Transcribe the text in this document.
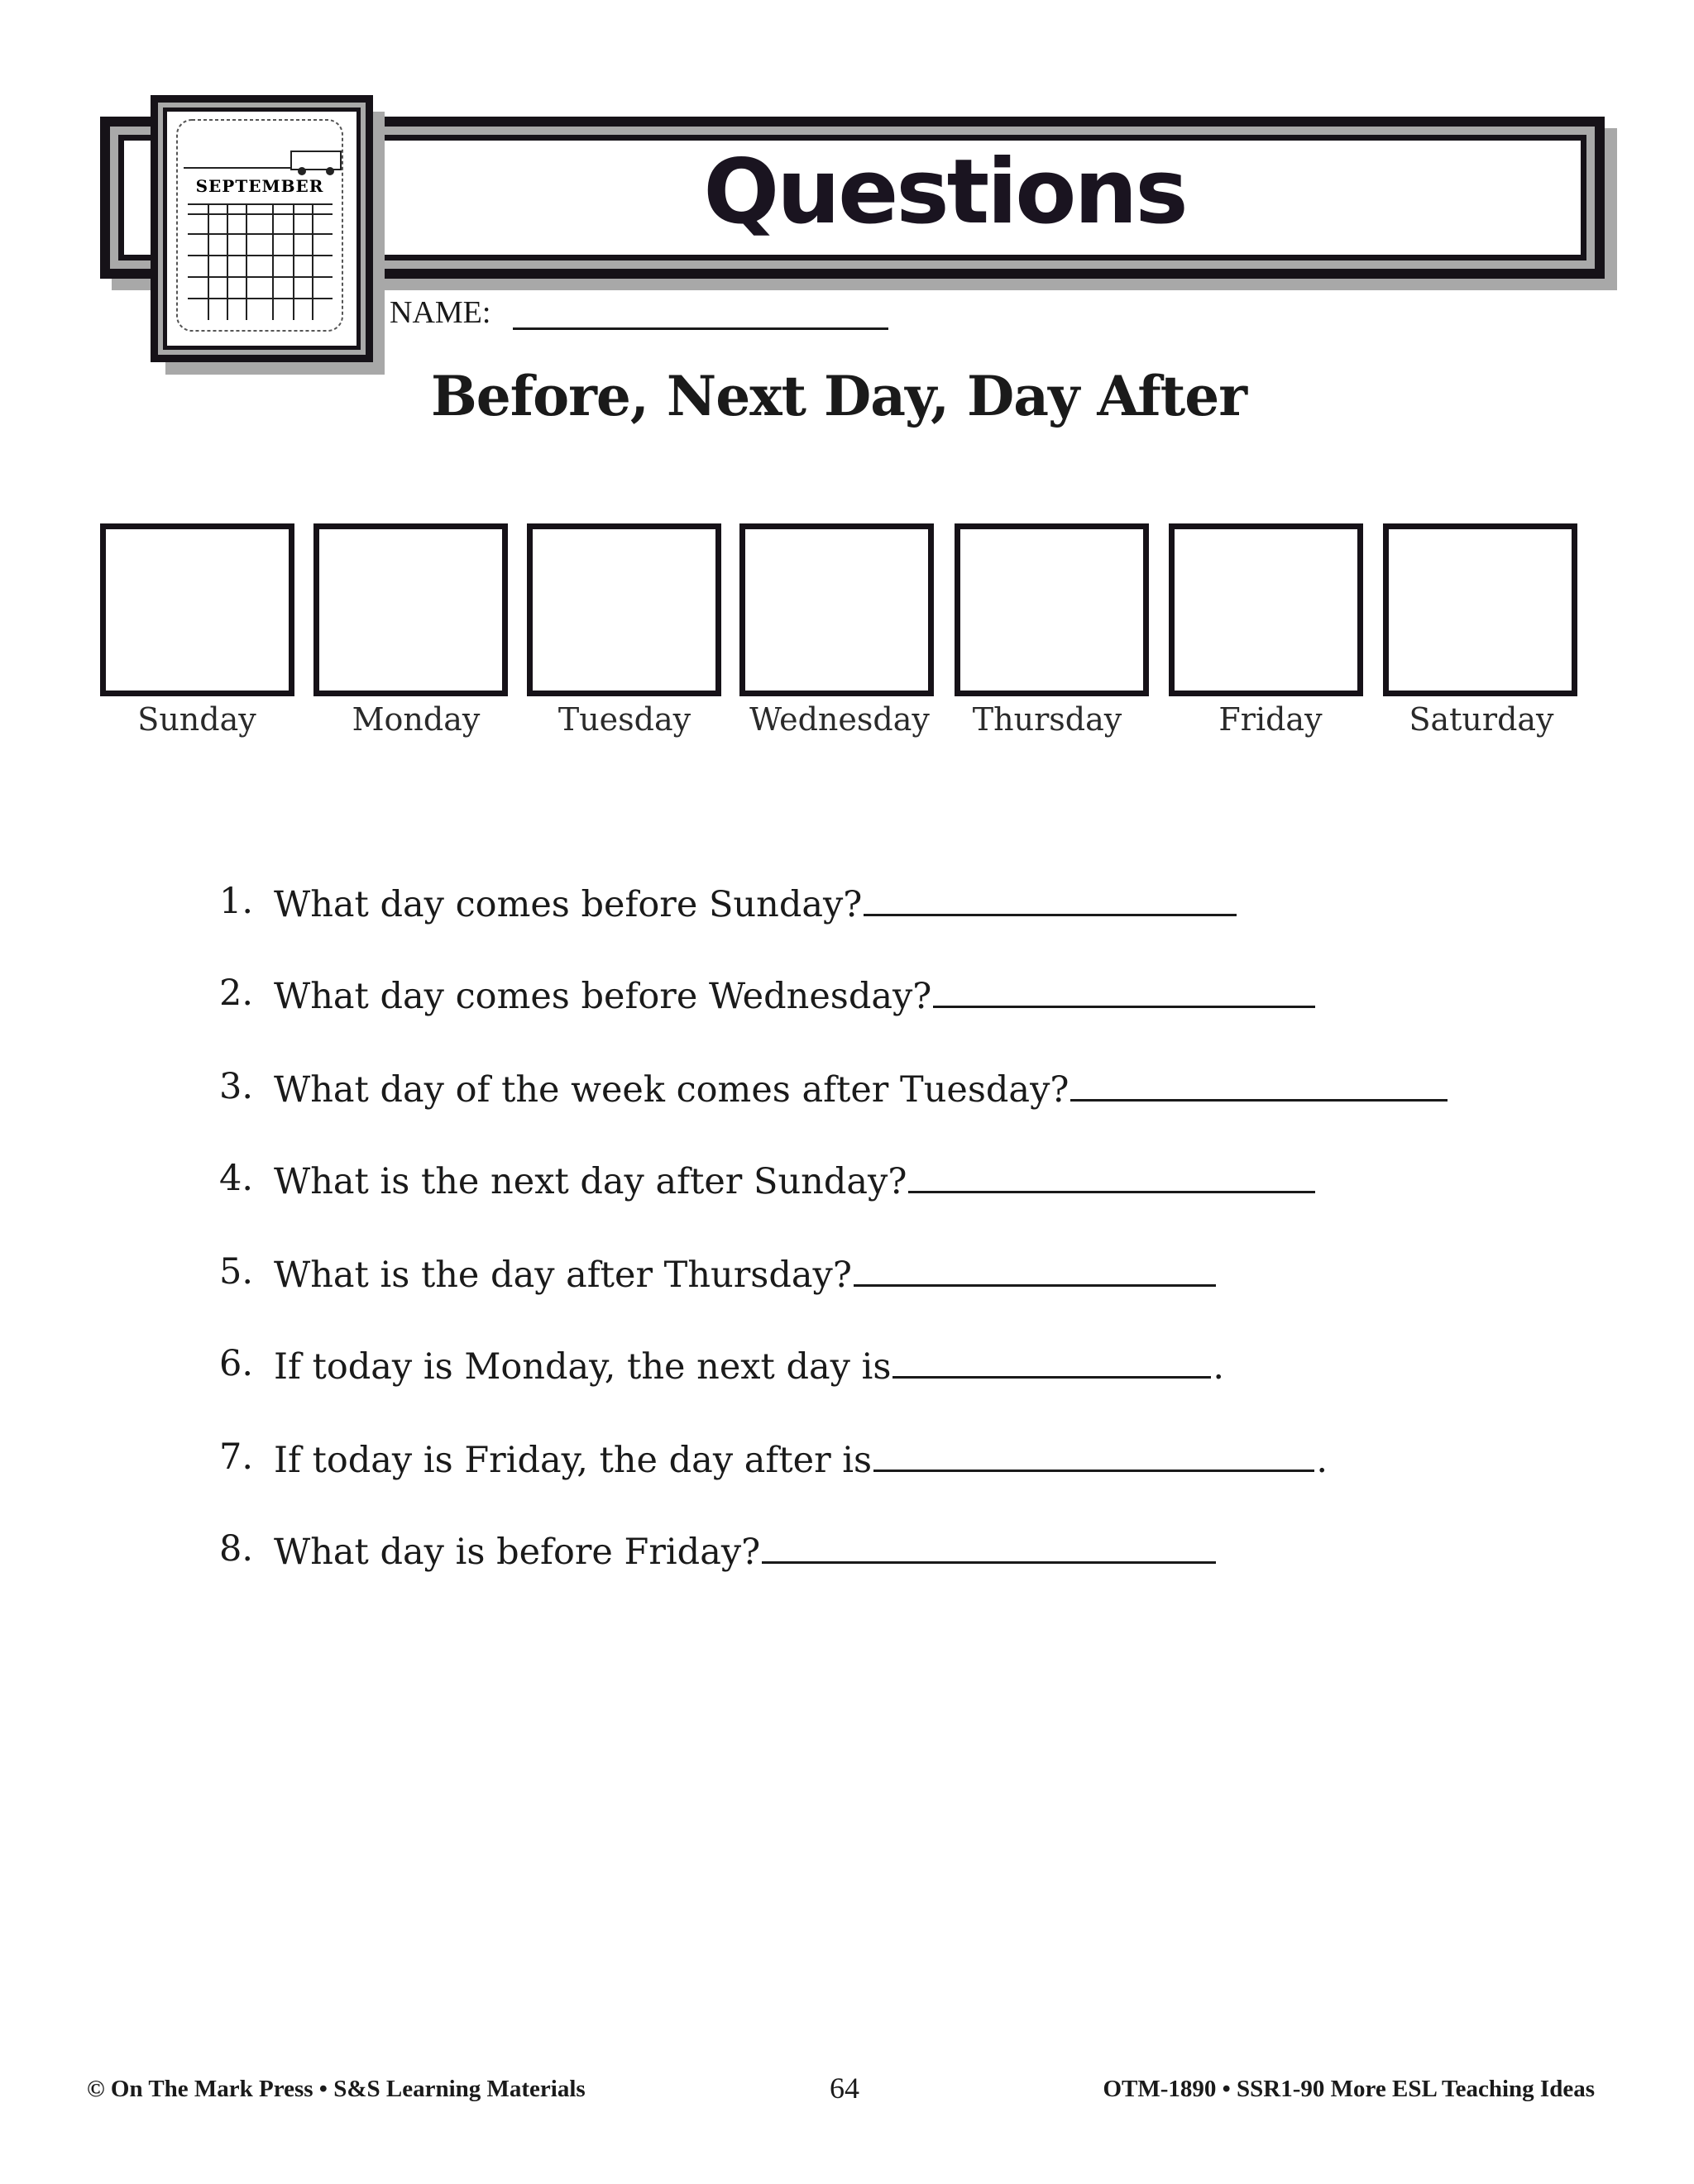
Questions
SEPTEMBER
NAME:
Before, Next Day, Day After
Sunday	Monday	Tuesday	Wednesday	Thursday	Friday	Saturday
1. What day comes before Sunday?
2. What day comes before Wednesday?
3. What day of the week comes after Tuesday?
4. What is the next day after Sunday?
5. What is the day after Thursday?
6. If today is Monday, the next day is	.
7. If today is Friday, the day after is	.
8. What day is before Friday?
© On The Mark Press • S&S Learning Materials	64	OTM-1890 • SSR1-90 More ESL Teaching Ideas
